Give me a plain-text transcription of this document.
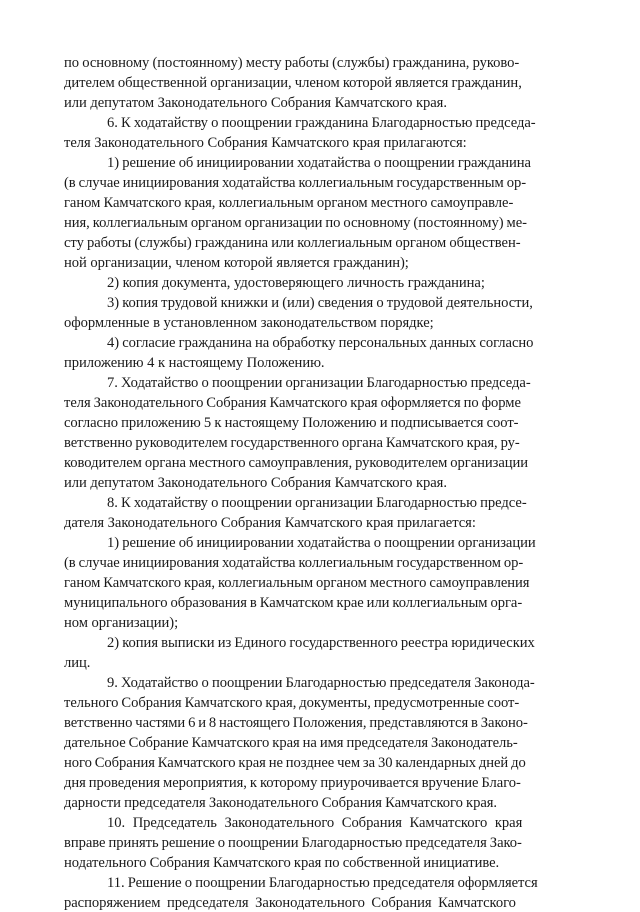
по основному (постоянному) месту работы (службы) гражданина, руково-

дителем общественной организации, членом которой является гражданин,

или депутатом Законодательного Собрания Камчатского края.

6. К ходатайству о поощрении гражданина Благодарностью председа-

теля Законодательного Собрания Камчатского края прилагаются:

1) решение об инициировании ходатайства о поощрении гражданина

(в случае инициирования ходатайства коллегиальным государственным ор-

ганом Камчатского края, коллегиальным органом местного самоуправле-

ния, коллегиальным органом организации по основному (постоянному) ме-

сту работы (службы) гражданина или коллегиальным органом обществен-

ной организации, членом которой является гражданин);

2) копия документа, удостоверяющего личность гражданина;

3) копия трудовой книжки и (или) сведения о трудовой деятельности,

оформленные в установленном законодательством порядке;

4) согласие гражданина на обработку персональных данных согласно

приложению 4 к настоящему Положению.

7. Ходатайство о поощрении организации Благодарностью председа-

теля Законодательного Собрания Камчатского края оформляется по форме

согласно приложению 5 к настоящему Положению и подписывается соот-

ветственно руководителем государственного органа Камчатского края, ру-

ководителем органа местного самоуправления, руководителем организации

или депутатом Законодательного Собрания Камчатского края.

8. К ходатайству о поощрении организации Благодарностью предсе-

дателя Законодательного Собрания Камчатского края прилагается:

1) решение об инициировании ходатайства о поощрении организации

(в случае инициирования ходатайства коллегиальным государственном ор-

ганом Камчатского края, коллегиальным органом местного самоуправления

муниципального образования в Камчатском крае или коллегиальным орга-

ном организации);

2) копия выписки из Единого государственного реестра юридических

лиц.

9. Ходатайство о поощрении Благодарностью председателя Законода-

тельного Собрания Камчатского края, документы, предусмотренные соот-

ветственно частями 6 и 8 настоящего Положения, представляются в Законо-

дательное Собрание Камчатского края на имя председателя Законодатель-

ного Собрания Камчатского края не позднее чем за 30 календарных дней до

дня проведения мероприятия, к которому приурочивается вручение Благо-

дарности председателя Законодательного Собрания Камчатского края.

10. Председатель Законодательного Собрания Камчатского края

вправе принять решение о поощрении Благодарностью председателя Зако-

нодательного Собрания Камчатского края по собственной инициативе.

11. Решение о поощрении Благодарностью председателя оформляется

распоряжением председателя Законодательного Собрания Камчатского
